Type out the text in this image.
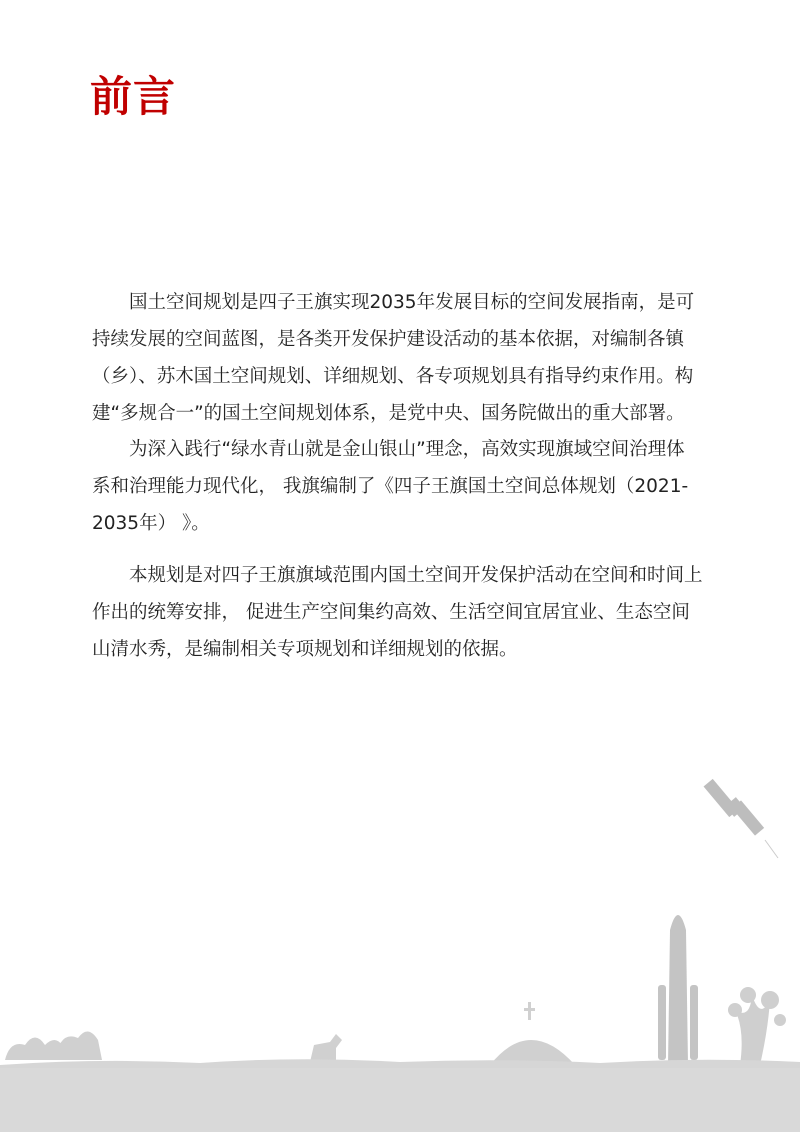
前言
　　国土空间规划是四子王旗实现2035年发展目标的空间发展指南，是可
持续发展的空间蓝图，是各类开发保护建设活动的基本依据，对编制各镇
（乡）、苏木国土空间规划、详细规划、各专项规划具有指导约束作用。构
建“多规合一”的国土空间规划体系，是党中央、国务院做出的重大部署。
　　为深入践行“绿水青山就是金山银山”理念，高效实现旗域空间治理体
系和治理能力现代化， 我旗编制了《四子王旗国土空间总体规划（2021-
2035年） 》。
　　本规划是对四子王旗旗域范围内国土空间开发保护活动在空间和时间上
作出的统筹安排， 促进生产空间集约高效、生活空间宜居宜业、生态空间
山清水秀，是编制相关专项规划和详细规划的依据。
